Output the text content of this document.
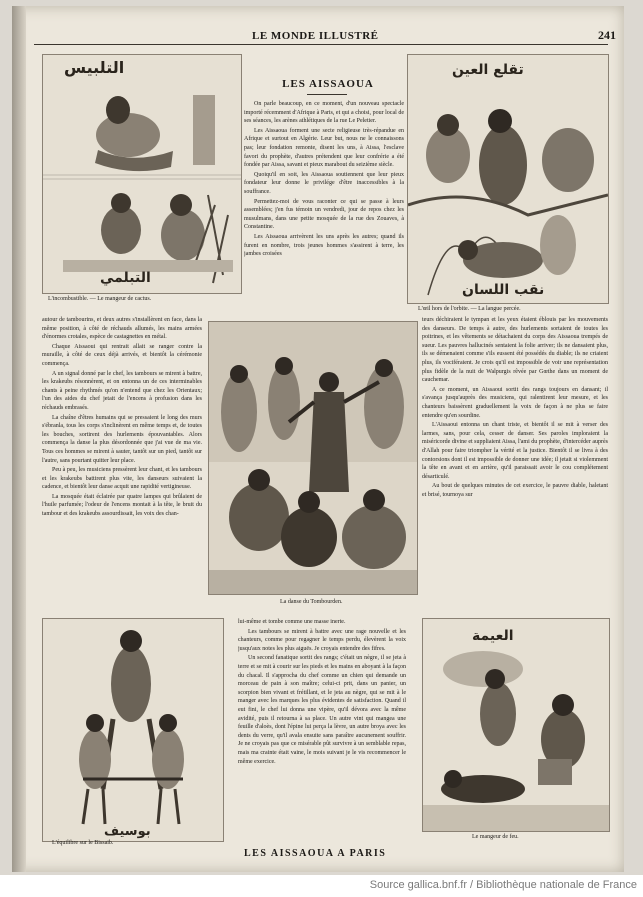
LE MONDE ILLUSTRÉ	241
التلبيس
التبلمي
L'incombustible. — Le mangeur de cactus.
تقلع العين
نقب اللسان
L'œil hors de l'orbite. — La langue percée.
LES AISSAOUA

On parle beaucoup, en ce moment, d'un nouveau spectacle importé récemment d'Afrique à Paris, et qui a choisi, pour local de ses séances, les arènes athlétiques de la rue Le Peletier.

Les Aissaoua forment une secte religieuse très-répandue en Afrique et surtout en Algérie. Leur but, nous ne le connaissons pas; leur fondation remonte, disent les uns, à Aissa, l'esclave favori du prophète, d'autres prétendent que leur confrérie a été fondée par Aissa, savant et pieux marabout du seizième siècle.

Quoiqu'il en soit, les Aissaoua soutiennent que leur pieux fondateur leur donne le privilége d'être inaccessibles à la souffrance.

Permettez-moi de vous raconter ce qui se passe à leurs assemblées; j'en fus témoin un vendredi, jour de repos chez les musulmans, dans une petite mosquée de la rue des Zouaves, à Constantine.

Les Aissaoua arrivèrent les uns après les autres; quand ils furent en nombre, trois jeunes hommes s'assirent à terre, les jambes croisées

autour de tambourins, et deux autres s'installèrent en face, dans la même position, à côté de réchauds allumés, les mains armées d'énormes crotales, espèce de castagnettes en métal.

Chaque Aissaoui qui rentrait allait se ranger contre la muraille, à côté de ceux déjà arrivés, et bientôt la cérémonie commença.

A un signal donné par le chef, les tambours se mirent à battre, les krakeubs résonnèrent, et on entonna un de ces interminables chants à peine rhythmés qu'on n'entend que chez les Orientaux; l'un des aides du chef jetait de l'encens à profusion dans les réchauds embrasés.

La chaîne d'êtres humains qui se pressaient le long des murs s'ébranla, tous les corps s'inclinèrent en même temps et, de toutes les bouches, sortirent des hurlements épouvantables. Alors commença la danse la plus désordonnée que j'ai vue de ma vie. Tous ces hommes se mirent à sauter, tantôt sur un pied, tantôt sur l'autre, sans pourtant quitter leur place.

Peu à peu, les musiciens pressèrent leur chant, et les tambours et les krakeubs battirent plus vite, les danseurs suivaient la cadence, et bientôt leur danse acquit une rapidité vertigineuse.

La mosquée était éclairée par quatre lampes qui brûlaient de l'huile parfumée; l'odeur de l'encens montait à la tête, le bruit du tambour et des krakeubs assourdissait, les voix des chan-

La danse du Tombourden.

teurs déchiraient le tympan et les yeux étaient éblouis par les mouvements des danseurs. De temps à autre, des hurlements sortaient de toutes les poitrines, et les vêtements se détachaient du corps des Aissaoua trempés de sueur. Les pauvres hallucinés sentaient la folie arriver; ils ne dansaient plus, ils se démenaient comme s'ils eussent été possédés du diable; ils ne criaient plus, ils vociféraient. Je crois qu'il est impossible de voir une représentation plus fidèle de la nuit de Walpurgis rêvée par Gœthe dans un moment de cauchemar.

A ce moment, un Aissaoui sortit des rangs toujours en dansant; il s'avança jusqu'auprès des musiciens, qui ralentirent leur mesure, et les chanteurs baissèrent graduellement la voix de façon à ne plus se faire entendre qu'en sourdine.

L'Aissaoui entonna un chant triste, et bientôt il se mit à verser des larmes, sans, pour cela, cesser de danser. Ses paroles imploraient la miséricorde divine et suppliaient Aissa, l'ami du prophète, d'intercéder auprès d'Allah pour faire triompher la vérité et la justice. Bientôt il se livra à des contorsions dont il est impossible de donner une idée; il jetait si violemment la tête en avant et en arrière, qu'il paraissait avoir le cou complétement désarticulé.

Au bout de quelques minutes de cet exercice, le pauvre diable, haletant et brisé, tournoya sur

بوسيف
L'équilibre sur le Bissaib.

lui-même et tombe comme une masse inerte.

Les tambours se mirent à battre avec une rage nouvelle et les chanteurs, comme pour regagner le temps perdu, élevèrent la voix jusqu'aux notes les plus aiguës. Je croyais entendre des fifres.

Un second fanatique sortit des rangs; c'était un nègre, il se jeta à terre et se mit à courir sur les pieds et les mains en aboyant à la façon du chacal. Il s'approcha du chef comme un chien qui demande un morceau de pain à son maître; celui-ci prit, dans un panier, un scorpion bien vivant et frétillant, et le jeta au nègre, qui se mit à le manger avec les marques les plus évidentes de satisfaction. Quand il eut fini, le chef lui donna une vipère, qu'il dévora avec la même avidité, puis il retourna à sa place. Un autre vint qui mangea une feuille d'aloès, dont l'épine lui perça la lèvre, un autre broya avec les dents du verre, qu'il avala ensuite sans paraître aucunement souffrir. Je ne croyais pas que ce misérable pût survivre à un semblable repas, mais ma crainte était vaine, le mois suivant je le vis recommencer le même exercice.

العيمة
Le mangeur de feu.
LES AISSAOUA A PARIS
Source gallica.bnf.fr / Bibliothèque nationale de France
